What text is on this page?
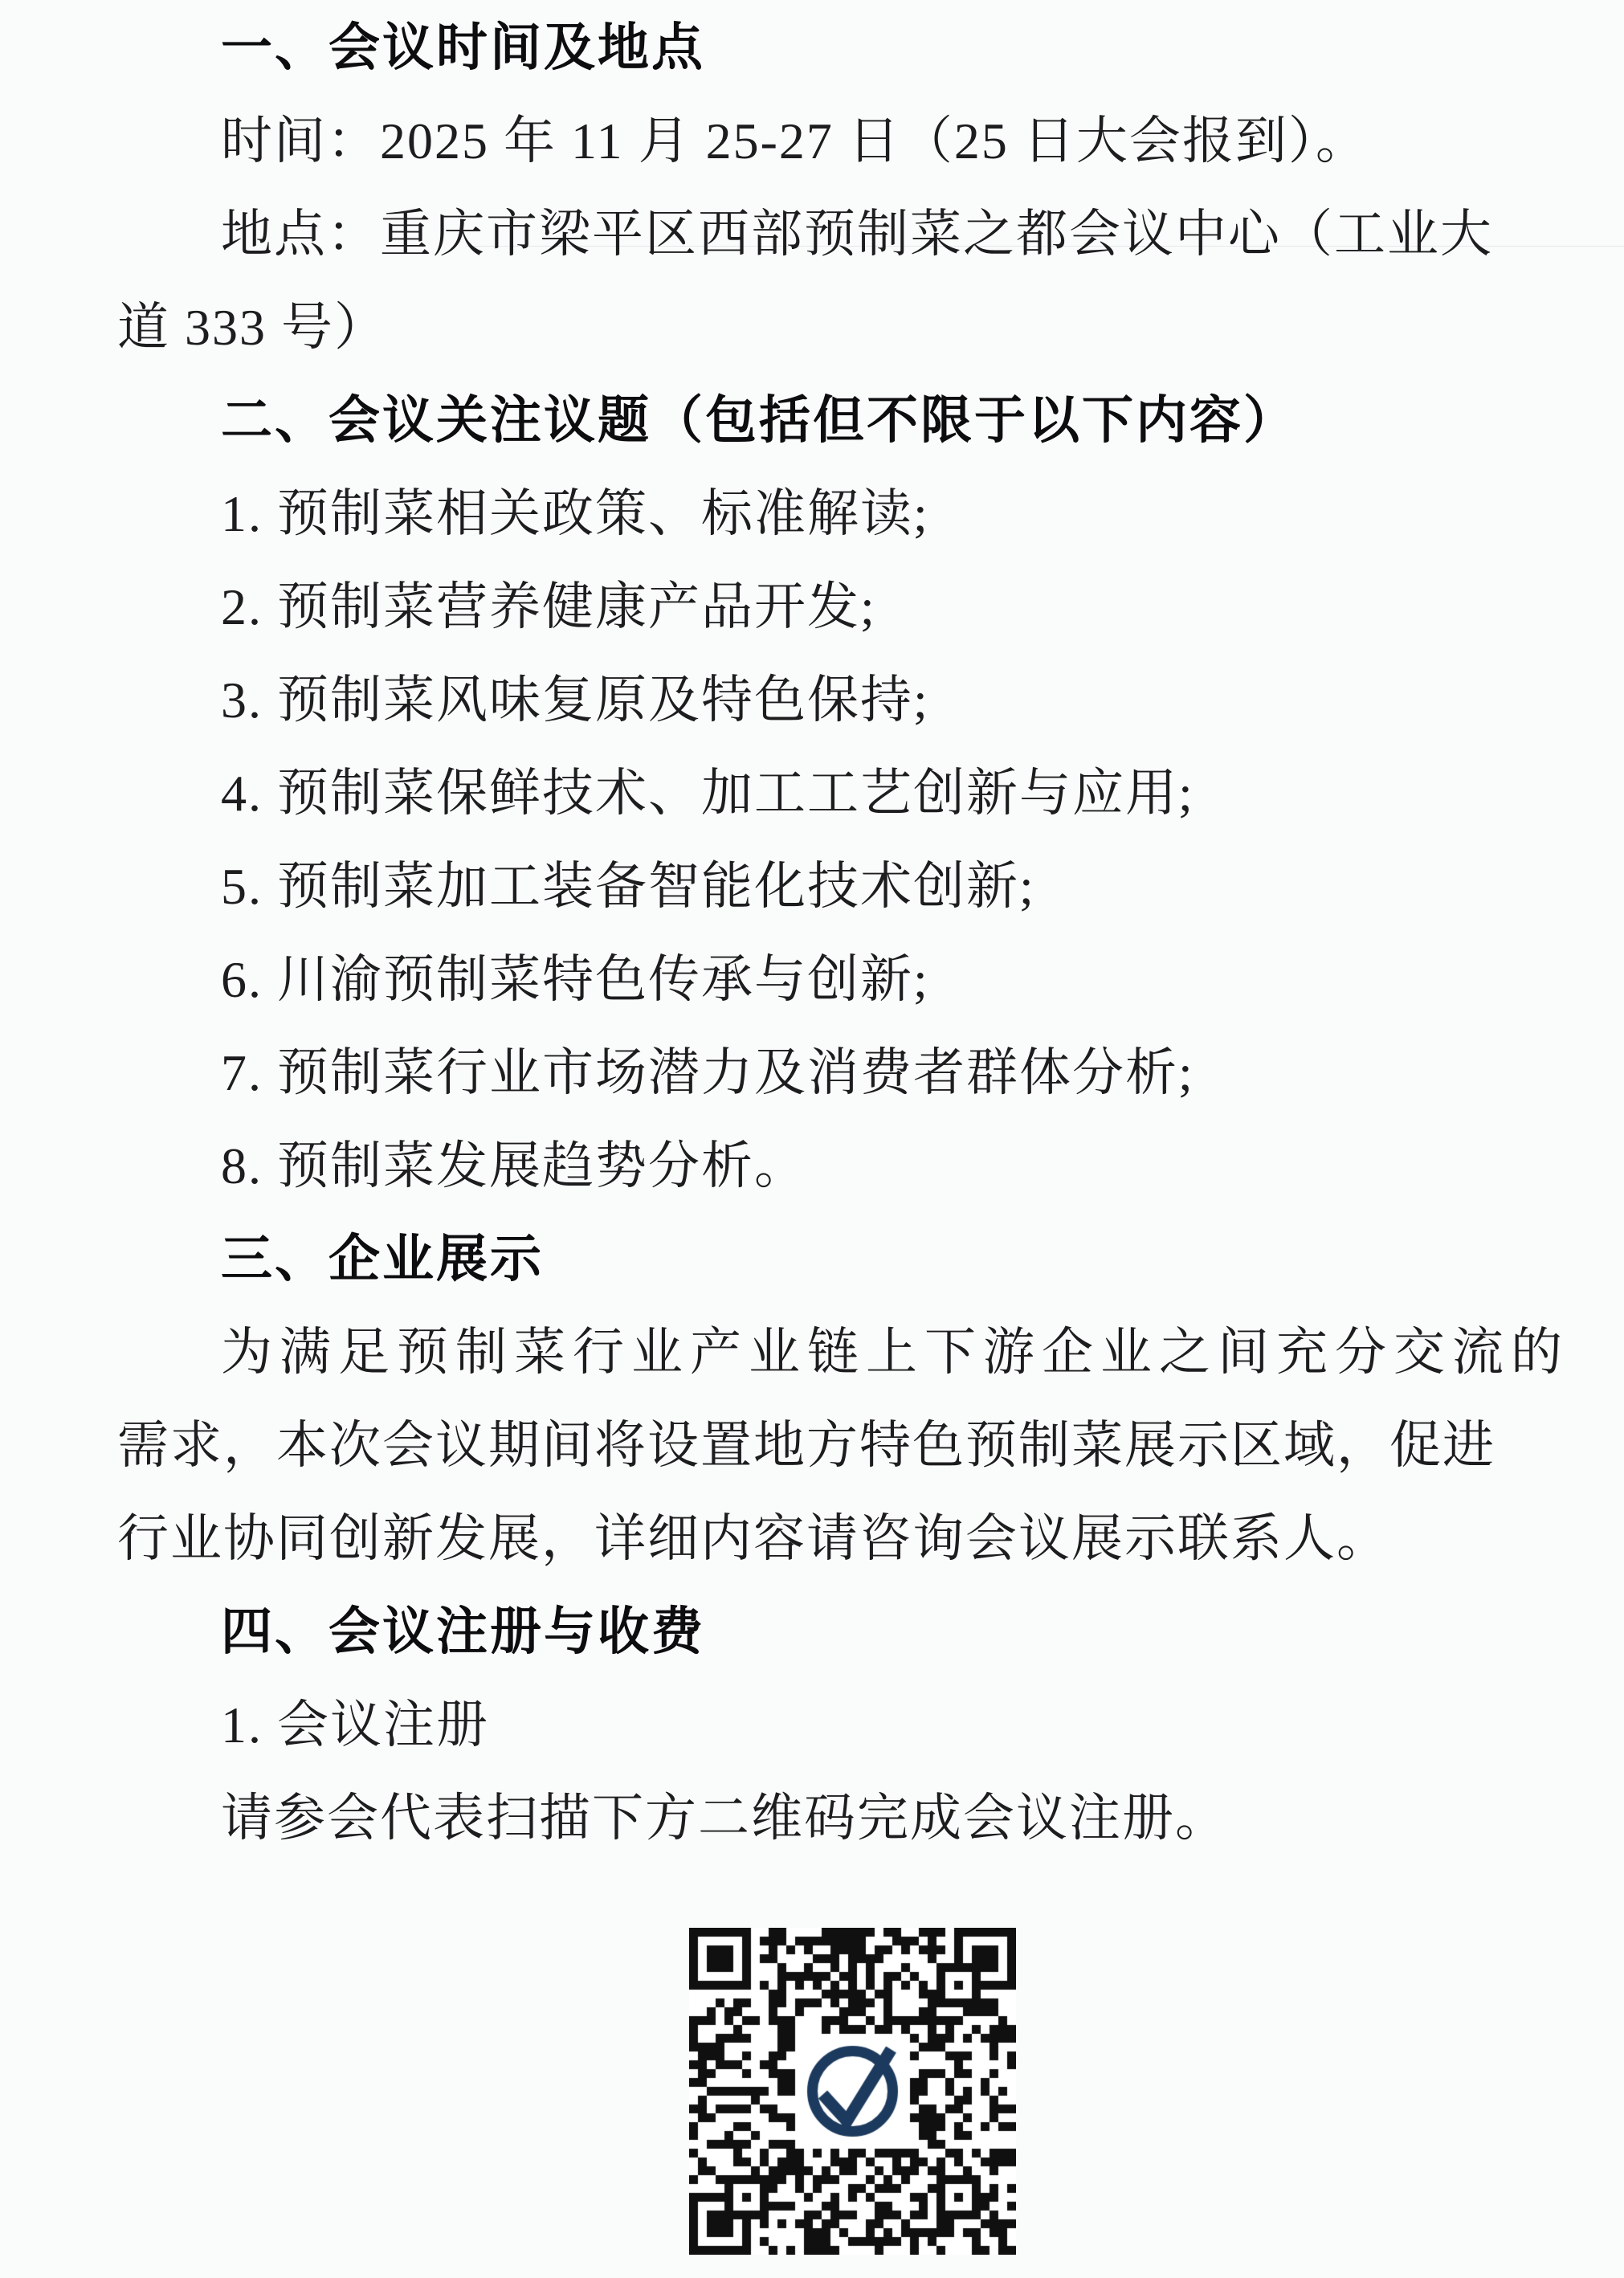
一、会议时间及地点
时间：2025 年 11 月 25-27 日（25 日大会报到）。
地点：重庆市梁平区西部预制菜之都会议中心（工业大
道 333 号）
二、会议关注议题（包括但不限于以下内容）
1. 预制菜相关政策、标准解读;
2. 预制菜营养健康产品开发;
3. 预制菜风味复原及特色保持;
4. 预制菜保鲜技术、加工工艺创新与应用;
5. 预制菜加工装备智能化技术创新;
6. 川渝预制菜特色传承与创新;
7. 预制菜行业市场潜力及消费者群体分析;
8. 预制菜发展趋势分析。
三、企业展示
为满足预制菜行业产业链上下游企业之间充分交流的
需求，本次会议期间将设置地方特色预制菜展示区域，促进
行业协同创新发展，详细内容请咨询会议展示联系人。
四、会议注册与收费
1. 会议注册
请参会代表扫描下方二维码完成会议注册。
